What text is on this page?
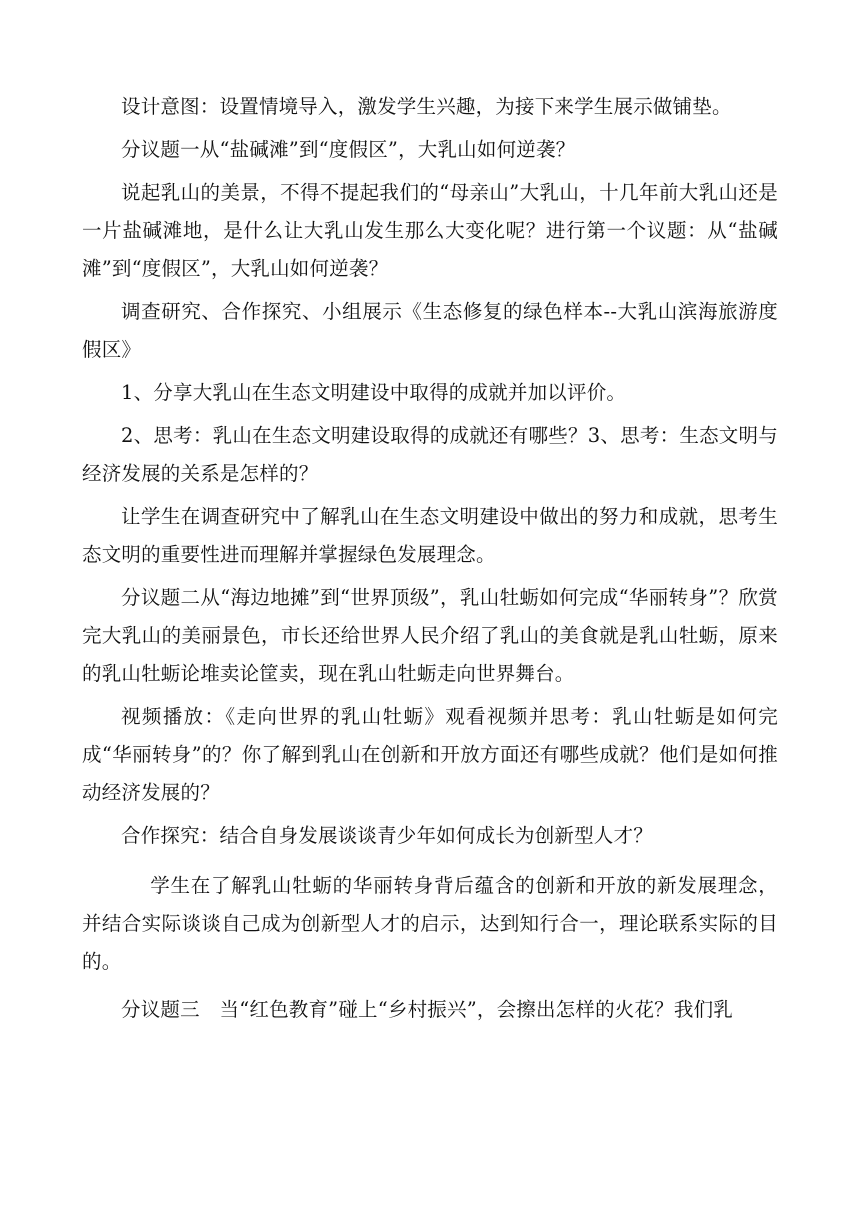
设计意图：设置情境导入，激发学生兴趣，为接下来学生展示做铺垫。

分议题一从“盐碱滩”到“度假区”，大乳山如何逆袭？

说起乳山的美景，不得不提起我们的“母亲山”大乳山，十几年前大乳山还是一片盐碱滩地，是什么让大乳山发生那么大变化呢？进行第一个议题：从“盐碱滩”到“度假区”，大乳山如何逆袭？

调查研究、合作探究、小组展示《生态修复的绿色样本--大乳山滨海旅游度假区》

1、分享大乳山在生态文明建设中取得的成就并加以评价。

2、思考：乳山在生态文明建设取得的成就还有哪些？3、思考：生态文明与经济发展的关系是怎样的？

让学生在调查研究中了解乳山在生态文明建设中做出的努力和成就，思考生态文明的重要性进而理解并掌握绿色发展理念。

分议题二从“海边地摊”到“世界顶级”，乳山牡蛎如何完成“华丽转身”？欣赏完大乳山的美丽景色，市长还给世界人民介绍了乳山的美食就是乳山牡蛎，原来的乳山牡蛎论堆卖论筐卖，现在乳山牡蛎走向世界舞台。

视频播放：《走向世界的乳山牡蛎》观看视频并思考：乳山牡蛎是如何完成“华丽转身”的？你了解到乳山在创新和开放方面还有哪些成就？他们是如何推动经济发展的？

合作探究：结合自身发展谈谈青少年如何成长为创新型人才？

学生在了解乳山牡蛎的华丽转身背后蕴含的创新和开放的新发展理念，并结合实际谈谈自己成为创新型人才的启示，达到知行合一，理论联系实际的目的。

分议题三　当“红色教育”碰上“乡村振兴”，会擦出怎样的火花？我们乳
